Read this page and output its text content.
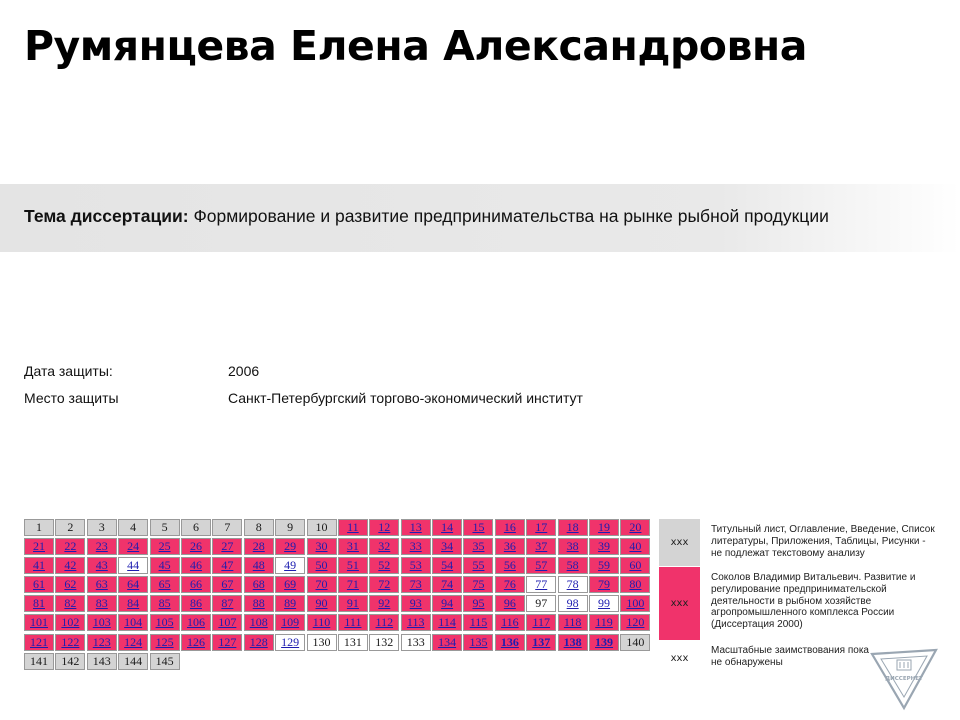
Румянцева Елена Александровна
Тема диссертации: Формирование и развитие предпринимательства на рынке рыбной продукции
Дата защиты:	2006
Место защиты	Санкт-Петербургский торгово-экономический институт
1	2	3	4	5	6	7	8	9	10	11	12	13	14	15	16	17	18	19	20
21	22	23	24	25	26	27	28	29	30	31	32	33	34	35	36	37	38	39	40
41	42	43	44	45	46	47	48	49	50	51	52	53	54	55	56	57	58	59	60
61	62	63	64	65	66	67	68	69	70	71	72	73	74	75	76	77	78	79	80
81	82	83	84	85	86	87	88	89	90	91	92	93	94	95	96	97	98	99	100
101	102	103	104	105	106	107	108	109	110	111	112	113	114	115	116	117	118	119	120
121	122	123	124	125	126	127	128	129	130	131	132	133	134	135	136	137	138	139	140
141	142	143	144	145
xxx
Титульный лист, Оглавление, Введение, Список литературы, Приложения, Таблицы, Рисунки - не подлежат текстовому анализу
xxx
Соколов Владимир Витальевич. Развитие и регулирование предпринимательской деятельности в рыбном хозяйстве агропромышленного комплекса России (Диссертация 2000)
xxx
Масштабные заимствования пока не обнаружены
ДИССЕРНЕТ
